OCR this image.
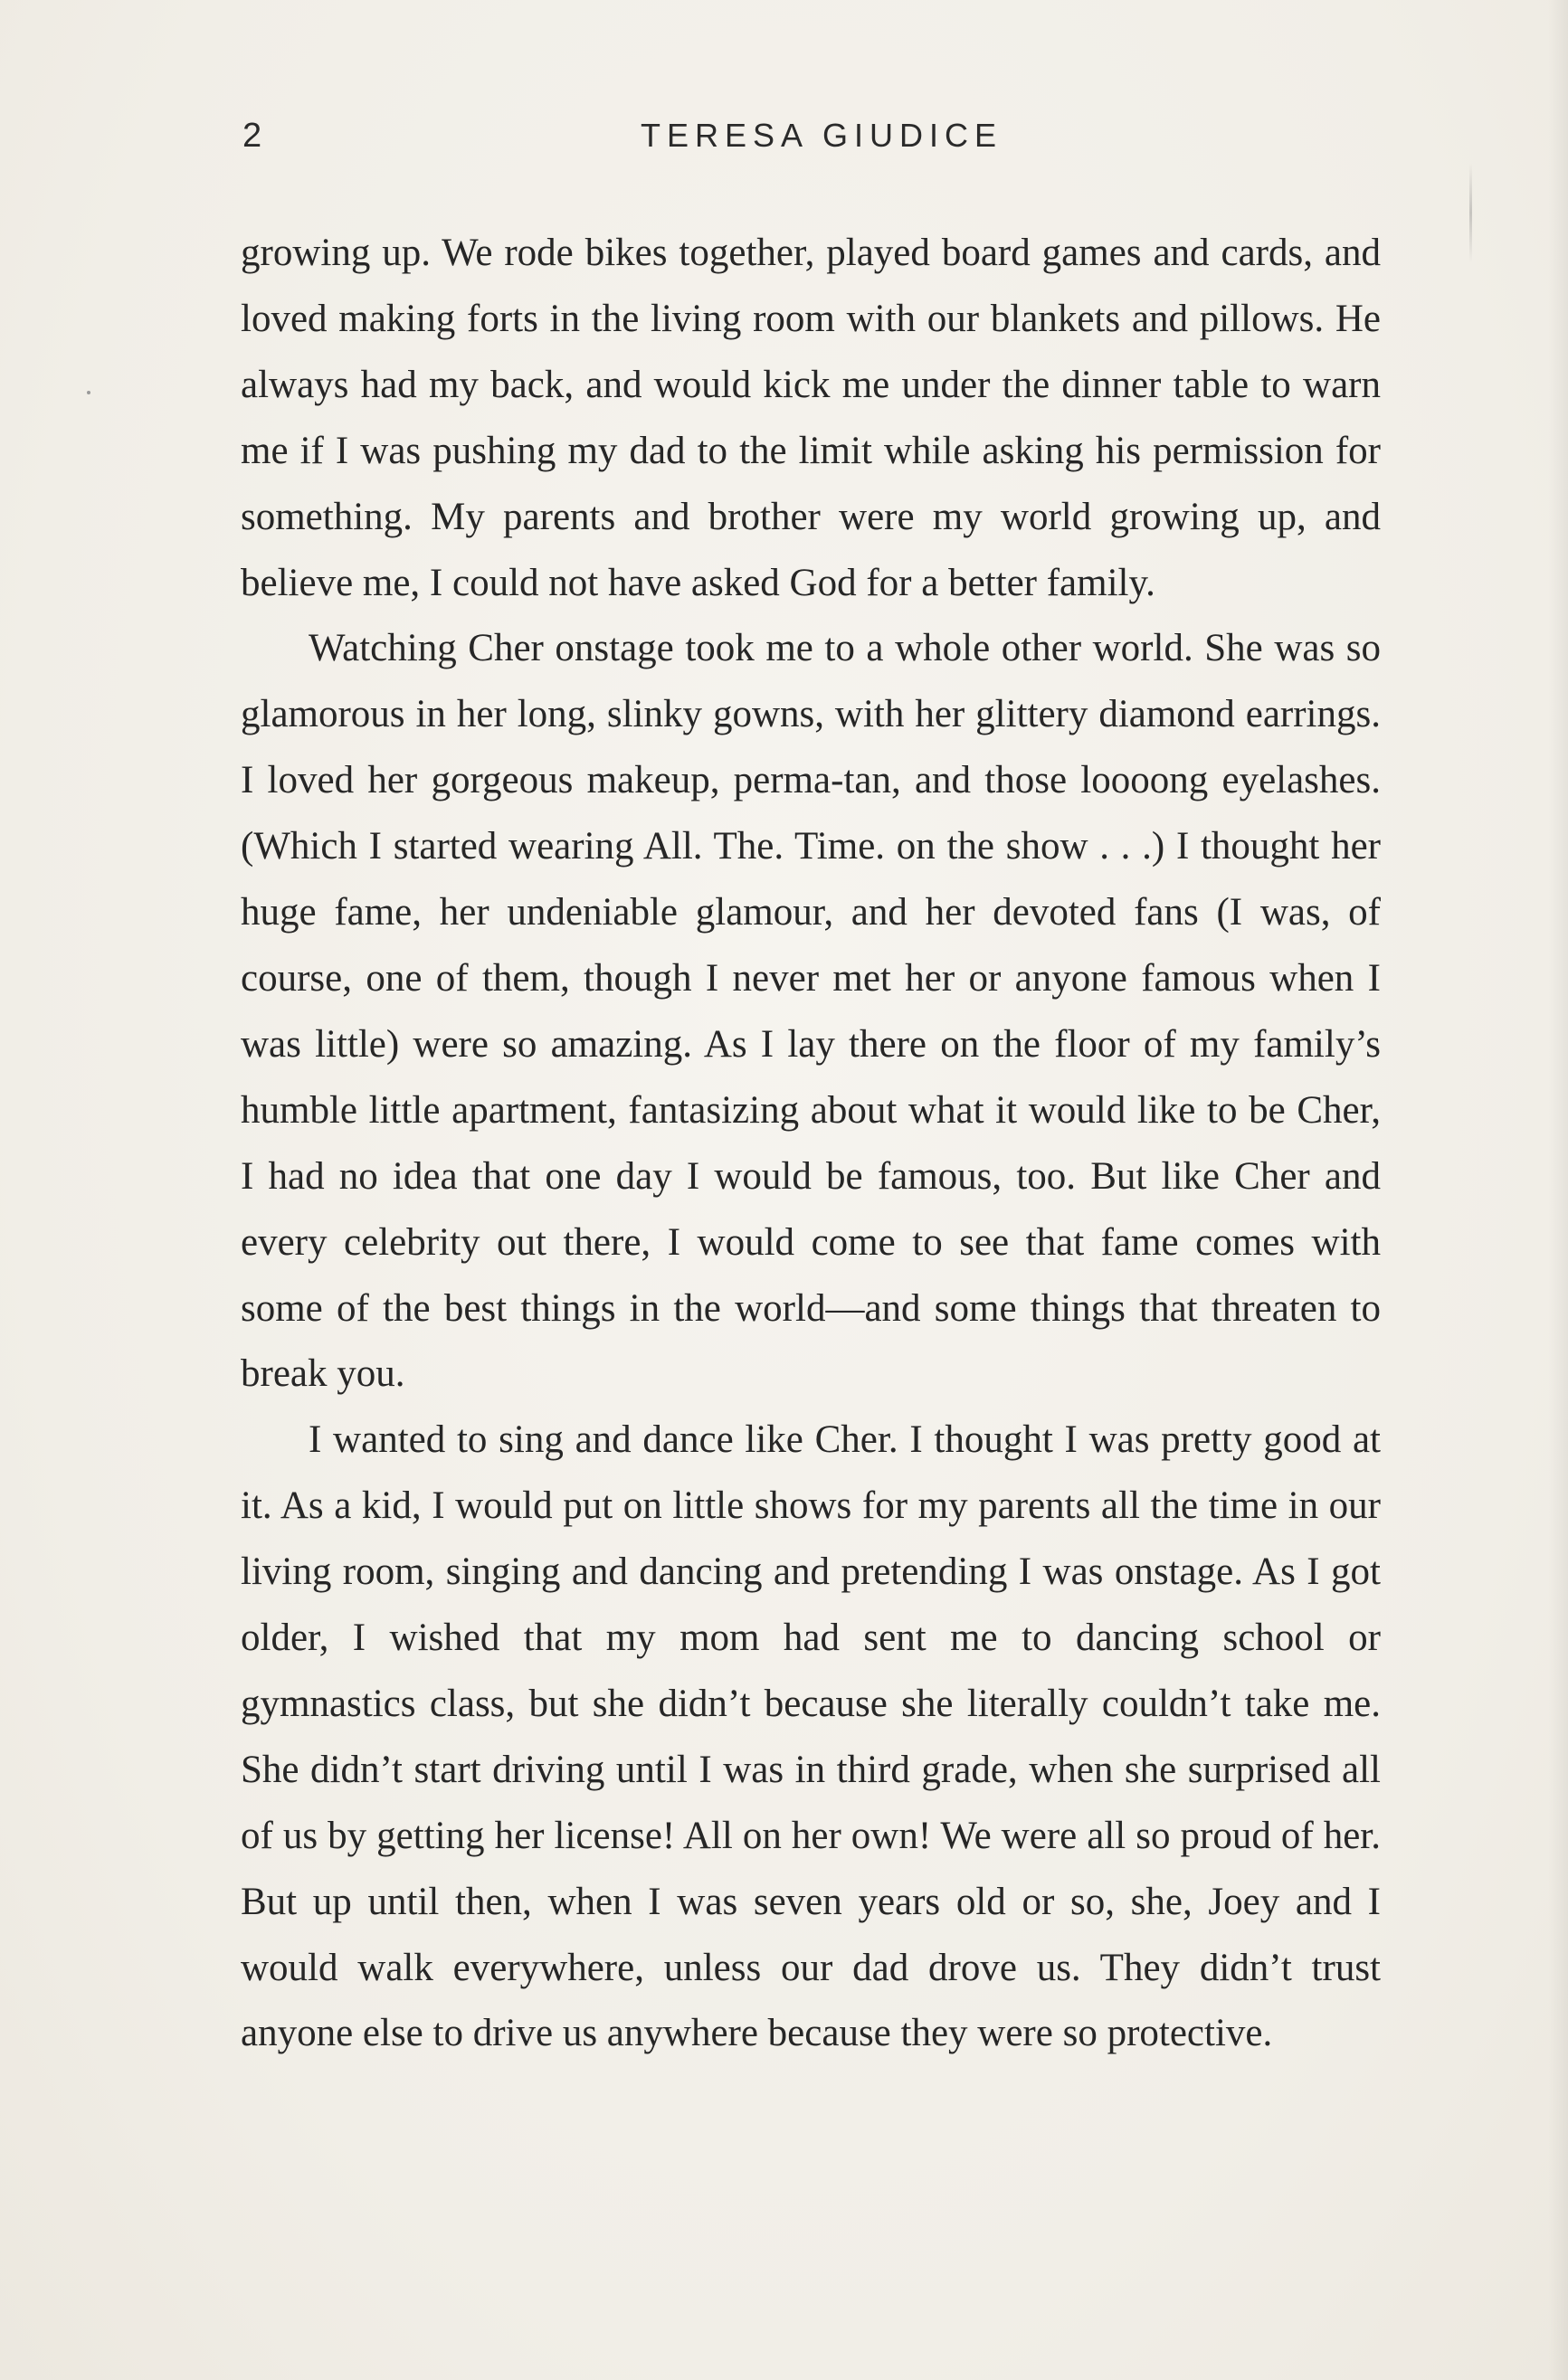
2	TERESA GIUDICE

growing up. We rode bikes together, played board games and cards, and loved making forts in the living room with our blankets and pillows. He always had my back, and would kick me under the dinner table to warn me if I was pushing my dad to the limit while asking his permission for something. My parents and brother were my world growing up, and believe me, I could not have asked God for a better family.

Watching Cher onstage took me to a whole other world. She was so glamorous in her long, slinky gowns, with her glittery diamond earrings. I loved her gorgeous makeup, perma-tan, and those loooong eyelashes. (Which I started wearing All. The. Time. on the show . . .) I thought her huge fame, her undeniable glamour, and her devoted fans (I was, of course, one of them, though I never met her or anyone famous when I was little) were so amazing. As I lay there on the floor of my family’s humble little apartment, fantasizing about what it would like to be Cher, I had no idea that one day I would be famous, too. But like Cher and every celebrity out there, I would come to see that fame comes with some of the best things in the world—and some things that threaten to break you.

I wanted to sing and dance like Cher. I thought I was pretty good at it. As a kid, I would put on little shows for my parents all the time in our living room, singing and dancing and pretending I was onstage. As I got older, I wished that my mom had sent me to dancing school or gymnastics class, but she didn’t because she literally couldn’t take me. She didn’t start driving until I was in third grade, when she surprised all of us by getting her license! All on her own! We were all so proud of her. But up until then, when I was seven years old or so, she, Joey and I would walk everywhere, unless our dad drove us. They didn’t trust anyone else to drive us anywhere because they were so protective.
